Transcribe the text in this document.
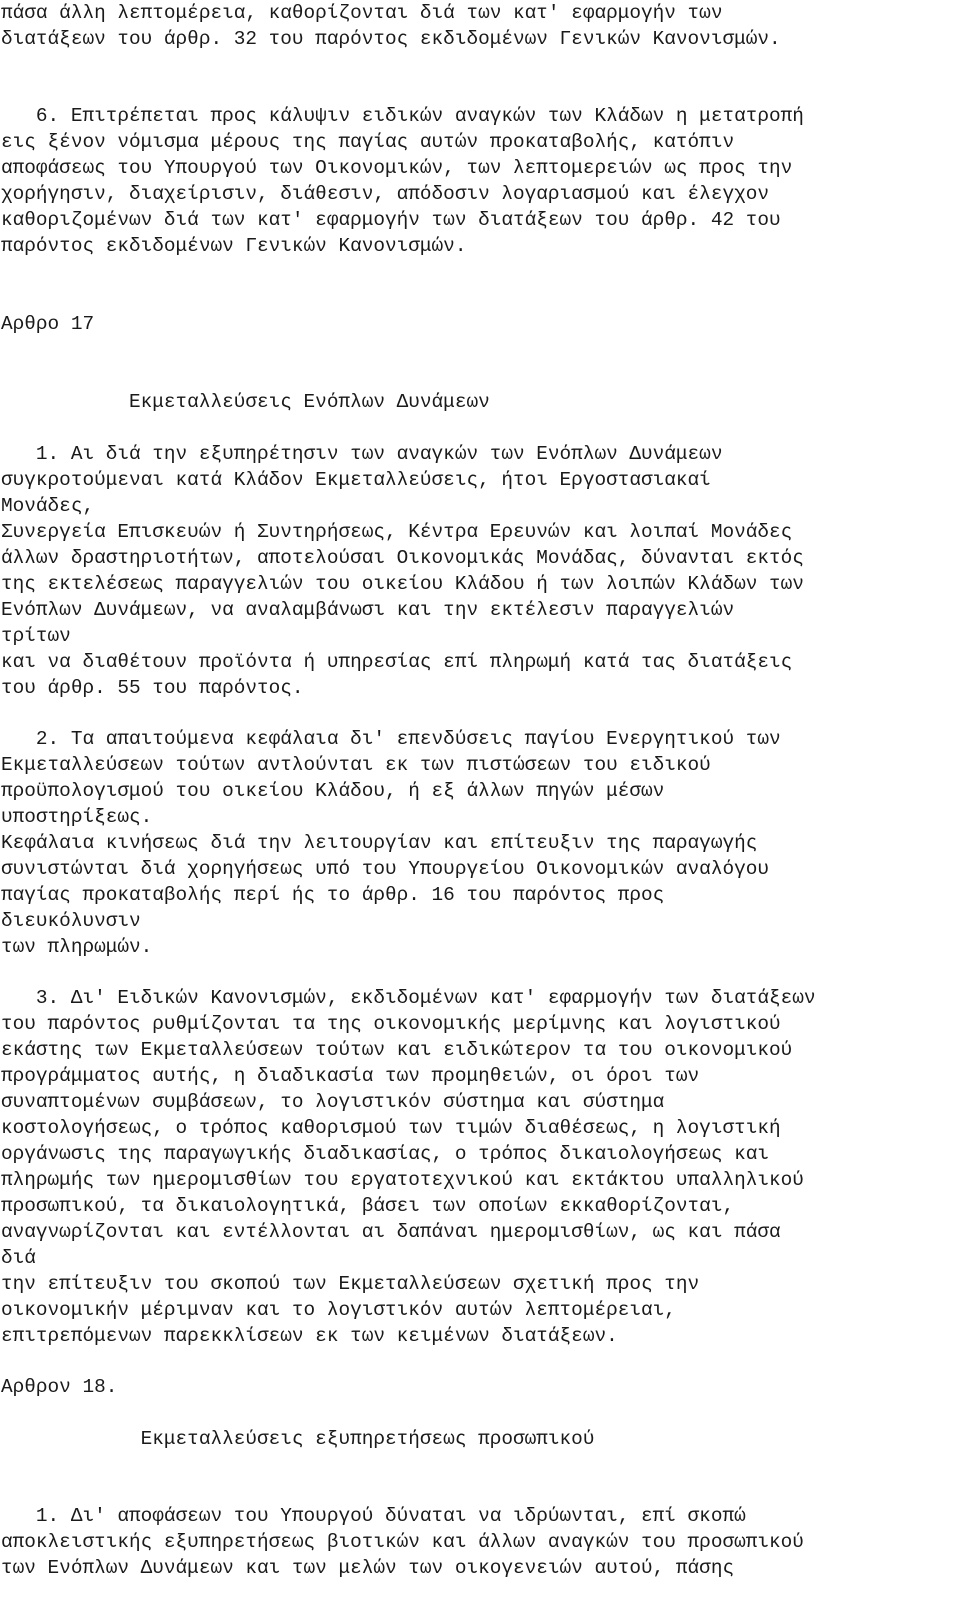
πάσα άλλη λεπτομέρεια, καθορίζονται διά των κατ' εφαρμογήν των

διατάξεων του άρθρ. 32 του παρόντος εκδιδομένων Γενικών Κανονισμών.

6. Επιτρέπεται προς κάλυψιν ειδικών αναγκών των Κλάδων η μετατροπή

εις ξένον νόμισμα μέρους της παγίας αυτών προκαταβολής, κατόπιν

αποφάσεως του Υπουργού των Οικονομικών, των λεπτομερειών ως προς την

χορήγησιν, διαχείρισιν, διάθεσιν, απόδοσιν λογαριασμού και έλεγχον

καθοριζομένων διά των κατ' εφαρμογήν των διατάξεων του άρθρ. 42 του

παρόντος εκδιδομένων Γενικών Κανονισμών.

Αρθρο 17

Εκμεταλλεύσεις Ενόπλων Δυνάμεων

1. Αι διά την εξυπηρέτησιν των αναγκών των Ενόπλων Δυνάμεων

συγκροτούμεναι κατά Κλάδον Εκμεταλλεύσεις, ήτοι Εργοστασιακαί

Μονάδες,

Συνεργεία Επισκευών ή Συντηρήσεως, Κέντρα Ερευνών και λοιπαί Μονάδες

άλλων δραστηριοτήτων, αποτελούσαι Οικονομικάς Μονάδας, δύνανται εκτός

της εκτελέσεως παραγγελιών του οικείου Κλάδου ή των λοιπών Κλάδων των

Ενόπλων Δυνάμεων, να αναλαμβάνωσι και την εκτέλεσιν παραγγελιών

τρίτων

και να διαθέτουν προϊόντα ή υπηρεσίας επί πληρωμή κατά τας διατάξεις

του άρθρ. 55 του παρόντος.

2. Τα απαιτούμενα κεφάλαια δι' επενδύσεις παγίου Ενεργητικού των

Εκμεταλλεύσεων τούτων αντλούνται εκ των πιστώσεων του ειδικού

προϋπολογισμού του οικείου Κλάδου, ή εξ άλλων πηγών μέσων

υποστηρίξεως.

Κεφάλαια κινήσεως διά την λειτουργίαν και επίτευξιν της παραγωγής

συνιστώνται διά χορηγήσεως υπό του Υπουργείου Οικονομικών αναλόγου

παγίας προκαταβολής περί ής το άρθρ. 16 του παρόντος προς

διευκόλυνσιν

των πληρωμών.

3. Δι' Ειδικών Κανονισμών, εκδιδομένων κατ' εφαρμογήν των διατάξεων

του παρόντος ρυθμίζονται τα της οικονομικής μερίμνης και λογιστικού

εκάστης των Εκμεταλλεύσεων τούτων και ειδικώτερον τα του οικονομικού

προγράμματος αυτής, η διαδικασία των προμηθειών, οι όροι των

συναπτομένων συμβάσεων, το λογιστικόν σύστημα και σύστημα

κοστολογήσεως, ο τρόπος καθορισμού των τιμών διαθέσεως, η λογιστική

οργάνωσις της παραγωγικής διαδικασίας, ο τρόπος δικαιολογήσεως και

πληρωμής των ημερομισθίων του εργατοτεχνικού και εκτάκτου υπαλληλικού

προσωπικού, τα δικαιολογητικά, βάσει των οποίων εκκαθορίζονται,

αναγνωρίζονται και εντέλλονται αι δαπάναι ημερομισθίων, ως και πάσα

διά

την επίτευξιν του σκοπού των Εκμεταλλεύσεων σχετική προς την

οικονομικήν μέριμναν και το λογιστικόν αυτών λεπτομέρειαι,

επιτρεπόμενων παρεκκλίσεων εκ των κειμένων διατάξεων.

Αρθρον 18.

Εκμεταλλεύσεις εξυπηρετήσεως προσωπικού

1. Δι' αποφάσεων του Υπουργού δύναται να ιδρύωνται, επί σκοπώ

αποκλειστικής εξυπηρετήσεως βιοτικών και άλλων αναγκών του προσωπικού

των Ενόπλων Δυνάμεων και των μελών των οικογενειών αυτού, πάσης
